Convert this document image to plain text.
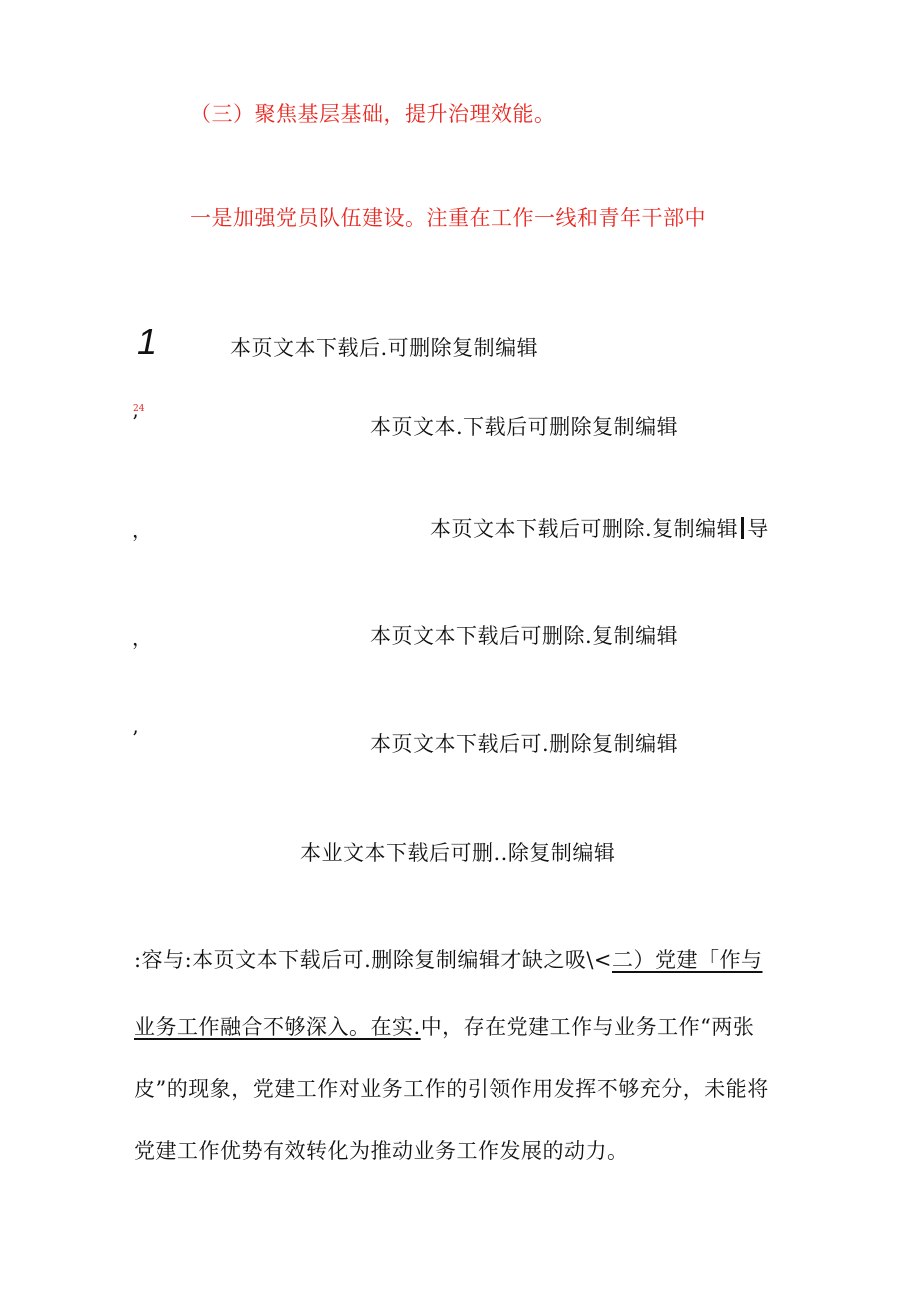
（三）聚焦基层基础，提升治理效能。
一是加强党员队伍建设。注重在工作一线和青年干部中
1	本页文本下载后.可删除复制编辑
24
’	本页文本.下载后可删除复制编辑
，	本页文本下载后可删除.复制编辑 导
，	本页文本下载后可删除.复制编辑
’	本页文本下载后可.删除复制编辑
本业文本下载后可删..除复制编辑
:容与:本页文本下载后可.删除复制编辑才缺之吸\<二）党建「作与
业务工作融合不够深入。在实.中，存在党建工作与业务工作“两张
皮”的现象，党建工作对业务工作的引领作用发挥不够充分，未能将
党建工作优势有效转化为推动业务工作发展的动力。
